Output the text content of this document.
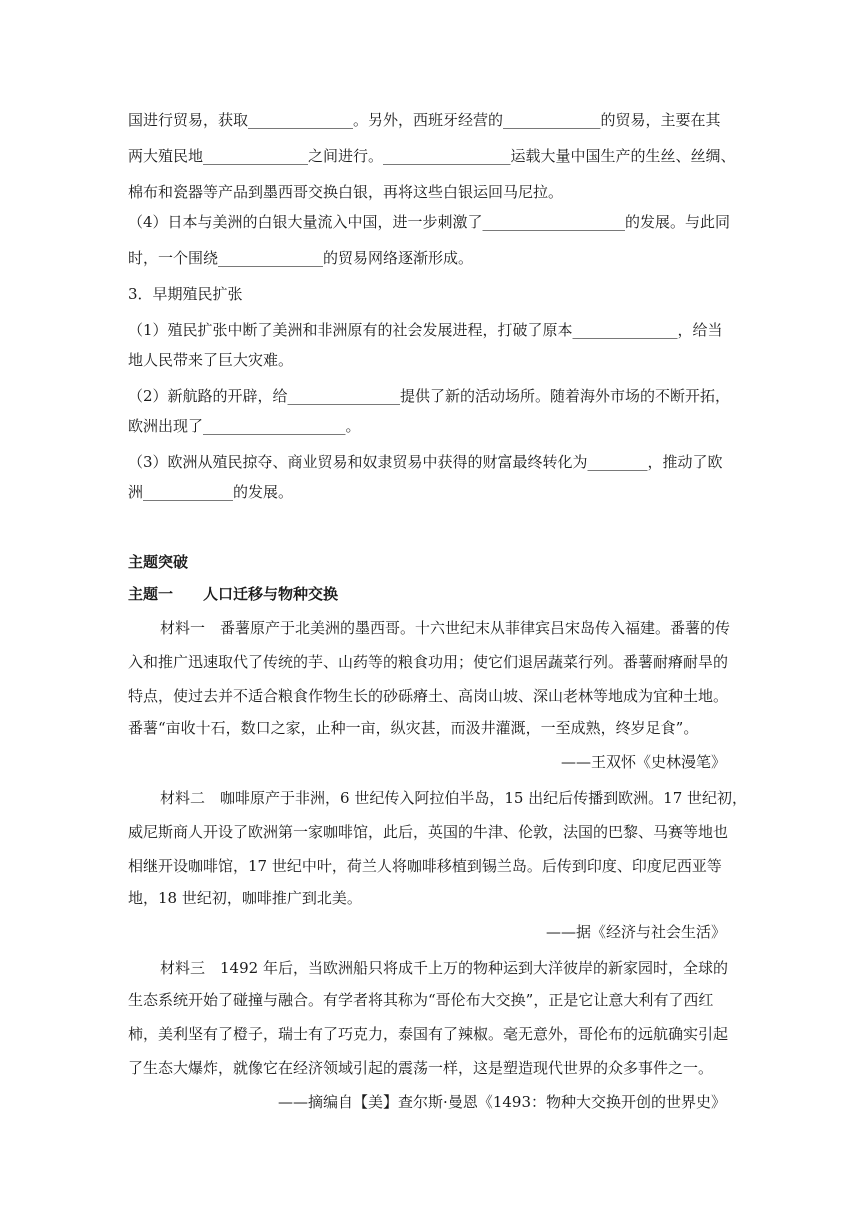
国进行贸易，获取______________。另外，西班牙经营的_____________的贸易，主要在其
两大殖民地______________之间进行。_________________运载大量中国生产的生丝、丝绸、
棉布和瓷器等产品到墨西哥交换白银，再将这些白银运回马尼拉。
（4）日本与美洲的白银大量流入中国，进一步刺激了___________________的发展。与此同
时，一个围绕______________的贸易网络逐渐形成。
3．早期殖民扩张
（1）殖民扩张中断了美洲和非洲原有的社会发展进程，打破了原本______________，给当
地人民带来了巨大灾难。
（2）新航路的开辟，给_______________提供了新的活动场所。随着海外市场的不断开拓，
欧洲出现了___________________。
（3）欧洲从殖民掠夺、商业贸易和奴隶贸易中获得的财富最终转化为________，推动了欧
洲____________的发展。
主题突破
主题一　　人口迁移与物种交换
材料一　番薯原产于北美洲的墨西哥。十六世纪末从菲律宾吕宋岛传入福建。番薯的传
入和推广迅速取代了传统的芋、山药等的粮食功用；使它们退居蔬菜行列。番薯耐瘠耐旱的
特点，使过去并不适合粮食作物生长的砂砾瘠土、高岗山坡、深山老林等地成为宜种土地。
番薯“亩收十石，数口之家，止种一亩，纵灾甚，而汲井灌溉，一至成熟，终岁足食”。
——王双怀《史林漫笔》
材料二　咖啡原产于非洲，6 世纪传入阿拉伯半岛，15 出纪后传播到欧洲。17 世纪初，
威尼斯商人开设了欧洲第一家咖啡馆，此后，英国的牛津、伦敦，法国的巴黎、马赛等地也
相继开设咖啡馆，17 世纪中叶，荷兰人将咖啡移植到锡兰岛。后传到印度、印度尼西亚等
地，18 世纪初，咖啡推广到北美。
——据《经济与社会生活》
材料三　1492 年后，当欧洲船只将成千上万的物种运到大洋彼岸的新家园时，全球的
生态系统开始了碰撞与融合。有学者将其称为“哥伦布大交换”，正是它让意大利有了西红
柿，美利坚有了橙子，瑞士有了巧克力，泰国有了辣椒。毫无意外，哥伦布的远航确实引起
了生态大爆炸，就像它在经济领域引起的震荡一样，这是塑造现代世界的众多事件之一。
——摘编自【美】查尔斯·曼恩《1493：物种大交换开创的世界史》
